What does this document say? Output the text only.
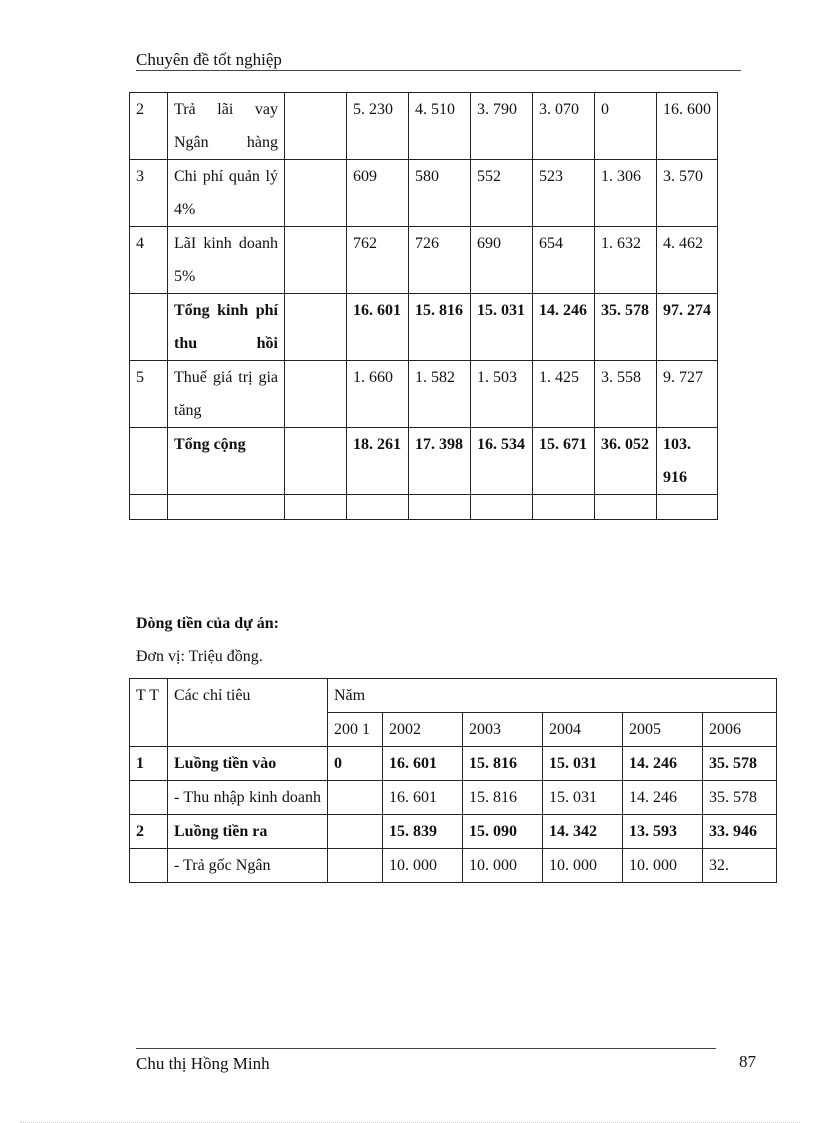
Chuyên đề tốt nghiệp
2	Trả lãi vay Ngân hàng		5. 230	4. 510	3. 790	3. 070	0	16. 600
3	Chi phí quản lý 4%		609	580	552	523	1. 306	3. 570
4	LãI kinh doanh 5%		762	726	690	654	1. 632	4. 462
	Tổng kinh phí thu hồi		16. 601	15. 816	15. 031	14. 246	35. 578	97. 274
5	Thuế giá trị gia tăng		1. 660	1. 582	1. 503	1. 425	3. 558	9. 727
	Tổng cộng		18. 261	17. 398	16. 534	15. 671	36. 052	103. 916

Dòng tiền của dự án:
Đơn vị: Triệu đồng.
T T	Các chỉ tiêu	Năm					
		200 1	2002	2003	2004	2005	2006
1	Luồng tiền vào	0	16. 601	15. 816	15. 031	14. 246	35. 578
	- Thu nhập kinh doanh		16. 601	15. 816	15. 031	14. 246	35. 578
2	Luồng tiền ra		15. 839	15. 090	14. 342	13. 593	33. 946
	- Trả gốc Ngân		10. 000	10. 000	10. 000	10. 000	32.
Chu thị Hồng Minh	87
